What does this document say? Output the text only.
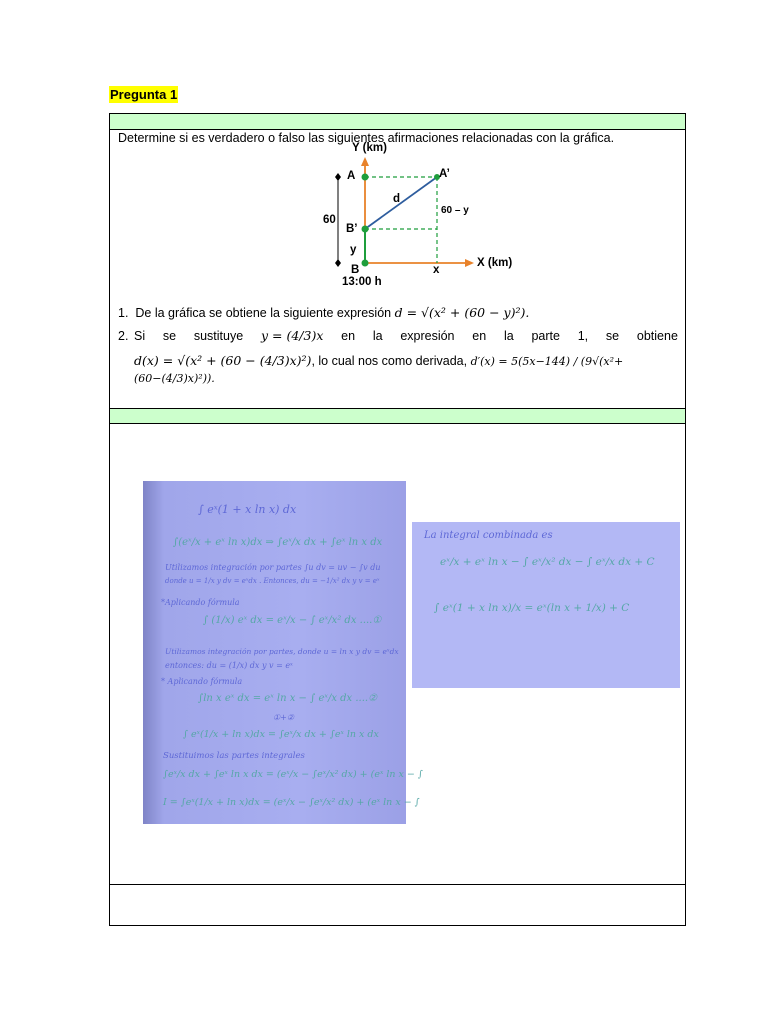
Pregunta 1
Determine si es verdadero o falso las siguientes afirmaciones relacionadas con la gráfica.
Y (km)
A	A’
d
60 – y
60
B’
y
B	x
X (km)
13:00 h
1. De la gráfica se obtiene la siguiente expresión d = √(x² + (60 − y)²).
2. Si se sustituye y = (4/3)x en la expresión en la parte 1, se obtiene
d(x) = √(x² + (60 − (4/3)x)²), lo cual nos como derivada, d′(x) = 5(5x−144) / (9√(x²+(60−(4/3)x)²)).
∫ eˣ(1 + x ln x) dx
∫(eˣ/x + eˣ ln x)dx ⇒ ∫eˣ/x dx + ∫eˣ ln x dx
Utilizamos integración por partes ∫u dv = uv − ∫v du
donde u = 1/x y dv = eˣdx . Entonces, du = −1/x² dx y v = eˣ
*Aplicando fórmula
∫ (1/x) eˣ dx = eˣ/x − ∫ eˣ/x² dx ....①
Utilizamos integración por partes, donde u = ln x y dv = eˣdx
entonces: du = (1/x) dx y v = eˣ
* Aplicando fórmula
∫ln x eˣ dx = eˣ ln x − ∫ eˣ/x dx ....②
①+②
∫ eˣ(1/x + ln x)dx = ∫eˣ/x dx + ∫eˣ ln x dx
Sustituimos las partes integrales
∫eˣ/x dx + ∫eˣ ln x dx = (eˣ/x − ∫eˣ/x² dx) + (eˣ ln x − ∫
I = ∫eˣ(1/x + ln x)dx = (eˣ/x − ∫eˣ/x² dx) + (eˣ ln x − ∫
La integral combinada es
eˣ/x + eˣ ln x − ∫ eˣ/x² dx − ∫ eˣ/x dx + C
∫ eˣ(1 + x ln x)/x = eˣ(ln x + 1/x) + C
